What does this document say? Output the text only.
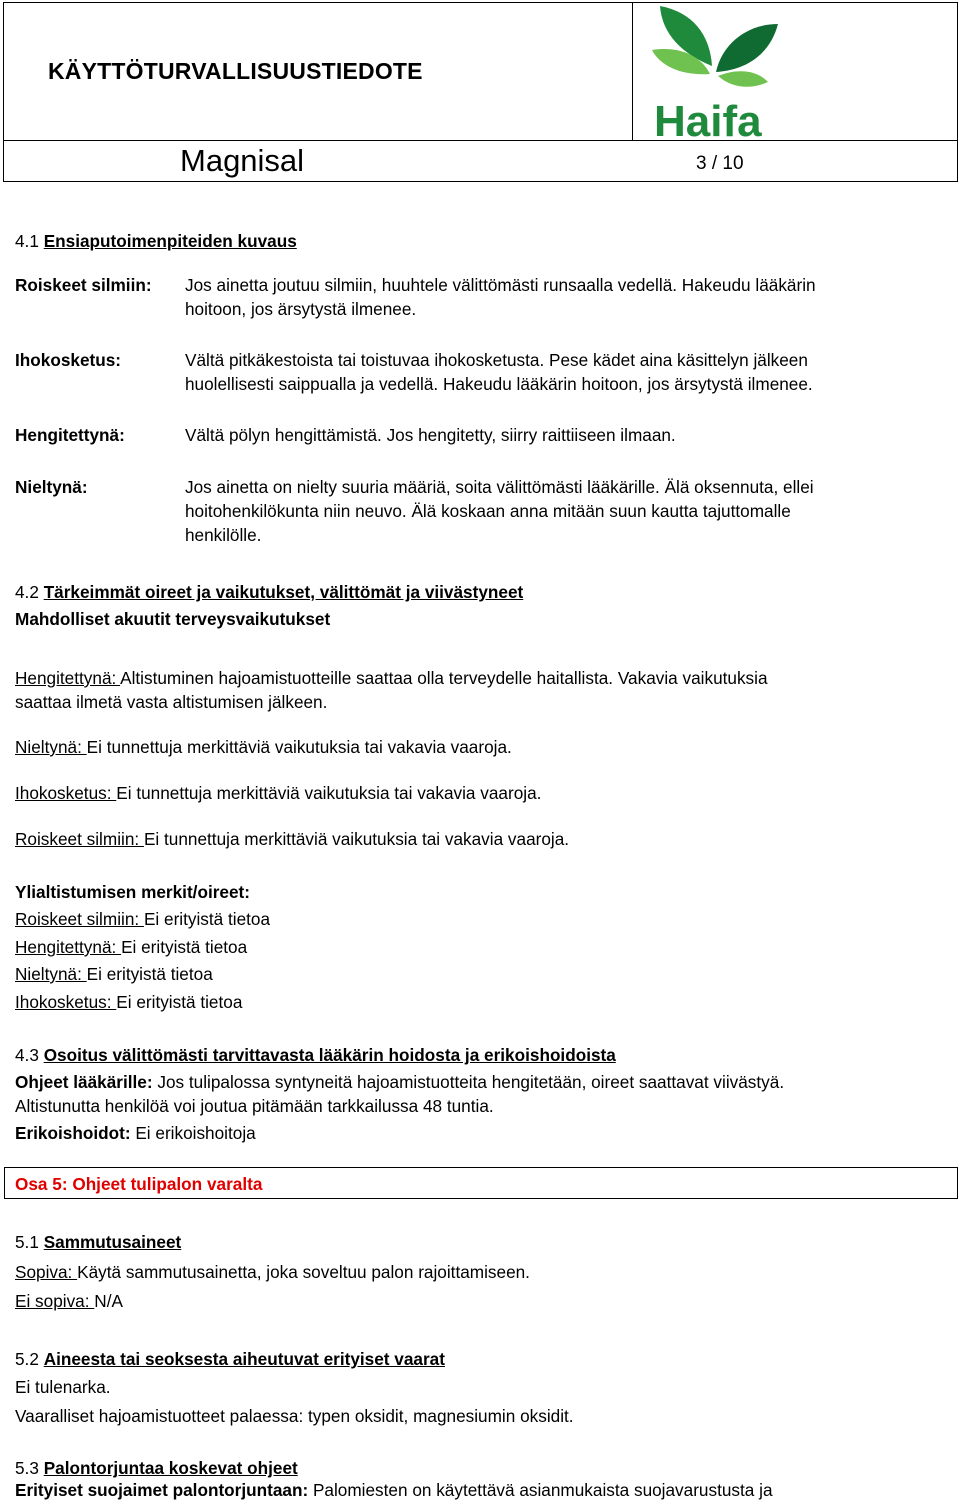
KÄYTTÖTURVALLISUUSTIEDOTE
Magnisal	3 / 10
Haifa
4.1 Ensiaputoimenpiteiden kuvaus
Roiskeet silmiin: Jos ainetta joutuu silmiin, huuhtele välittömästi runsaalla vedellä. Hakeudu lääkärin
hoitoon, jos ärsytystä ilmenee.
Ihokosketus:	Vältä pitkäkestoista tai toistuvaa ihokosketusta. Pese kädet aina käsittelyn jälkeen
huolellisesti saippualla ja vedellä. Hakeudu lääkärin hoitoon, jos ärsytystä ilmenee.
Hengitettynä:	Vältä pölyn hengittämistä. Jos hengitetty, siirry raittiiseen ilmaan.
Nieltynä:	Jos ainetta on nielty suuria määriä, soita välittömästi lääkärille. Älä oksennuta, ellei
hoitohenkilökunta niin neuvo. Älä koskaan anna mitään suun kautta tajuttomalle
henkilölle.
4.2 Tärkeimmät oireet ja vaikutukset, välittömät ja viivästyneet
Mahdolliset akuutit terveysvaikutukset
Hengitettynä: Altistuminen hajoamistuotteille saattaa olla terveydelle haitallista. Vakavia vaikutuksia
saattaa ilmetä vasta altistumisen jälkeen.
Nieltynä: Ei tunnettuja merkittäviä vaikutuksia tai vakavia vaaroja.
Ihokosketus: Ei tunnettuja merkittäviä vaikutuksia tai vakavia vaaroja.
Roiskeet silmiin: Ei tunnettuja merkittäviä vaikutuksia tai vakavia vaaroja.
Ylialtistumisen merkit/oireet:
Roiskeet silmiin: Ei erityistä tietoa
Hengitettynä: Ei erityistä tietoa
Nieltynä: Ei erityistä tietoa
Ihokosketus: Ei erityistä tietoa
4.3 Osoitus välittömästi tarvittavasta lääkärin hoidosta ja erikoishoidoista
Ohjeet lääkärille: Jos tulipalossa syntyneitä hajoamistuotteita hengitetään, oireet saattavat viivästyä.
Altistunutta henkilöä voi joutua pitämään tarkkailussa 48 tuntia.
Erikoishoidot: Ei erikoishoitoja
Osa 5: Ohjeet tulipalon varalta
5.1 Sammutusaineet
Sopiva: Käytä sammutusainetta, joka soveltuu palon rajoittamiseen.
Ei sopiva: N/A
5.2 Aineesta tai seoksesta aiheutuvat erityiset vaarat
Ei tulenarka.
Vaaralliset hajoamistuotteet palaessa: typen oksidit, magnesiumin oksidit.
5.3 Palontorjuntaa koskevat ohjeet
Erityiset suojaimet palontorjuntaan: Palomiesten on käytettävä asianmukaista suojavarustusta ja
